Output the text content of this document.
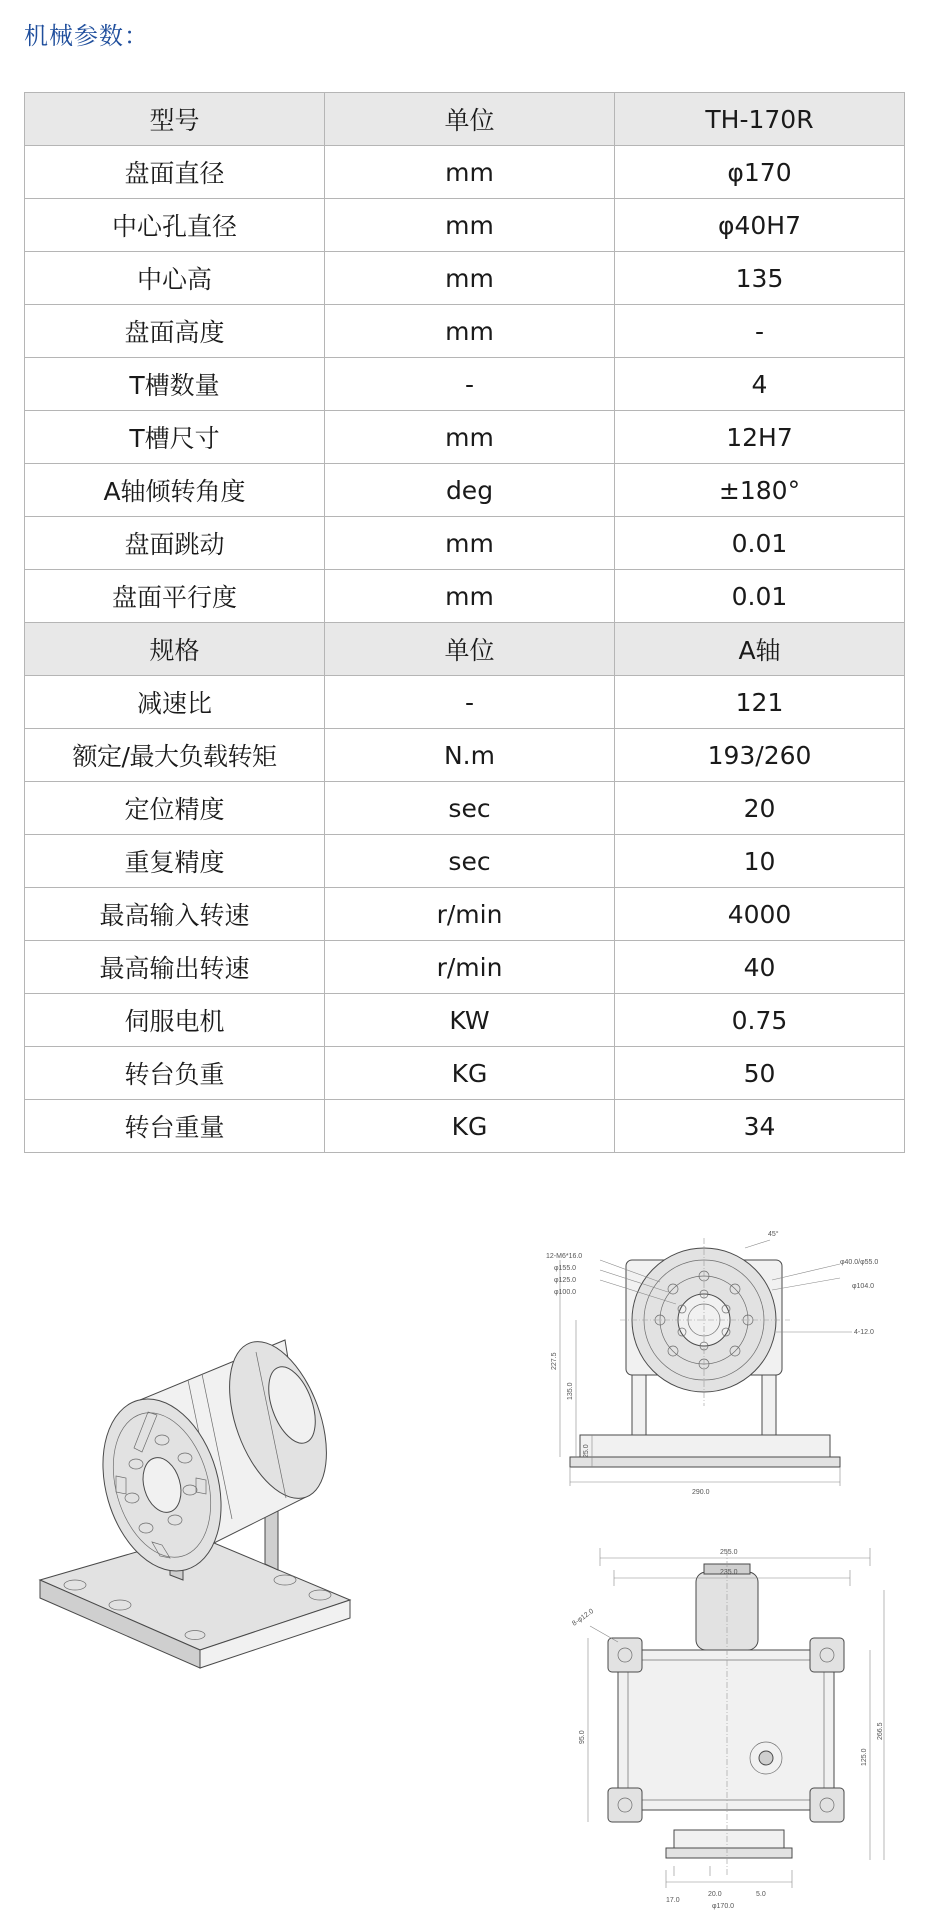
机械参数：
型号	单位	TH-170R
盘面直径	mm	φ170
中心孔直径	mm	φ40H7
中心高	mm	135
盘面高度	mm	-
T槽数量	-	4
T槽尺寸	mm	12H7
A轴倾转角度	deg	±180°
盘面跳动	mm	0.01
盘面平行度	mm	0.01
规格	单位	A轴
减速比	-	121
额定/最大负载转矩	N.m	193/260
定位精度	sec	20
重复精度	sec	10
最高输入转速	r/min	4000
最高输出转速	r/min	40
伺服电机	KW	0.75
转台负重	KG	50
转台重量	KG	34
12-M6*16.0
φ155.0
φ125.0
φ100.0
45°
φ40.0/φ55.0
φ104.0
4-12.0
227.5
135.0
25.0
290.0
255.0
235.0
8-φ12.0
95.0
125.0
266.5
17.0
20.0	5.0
φ170.0
